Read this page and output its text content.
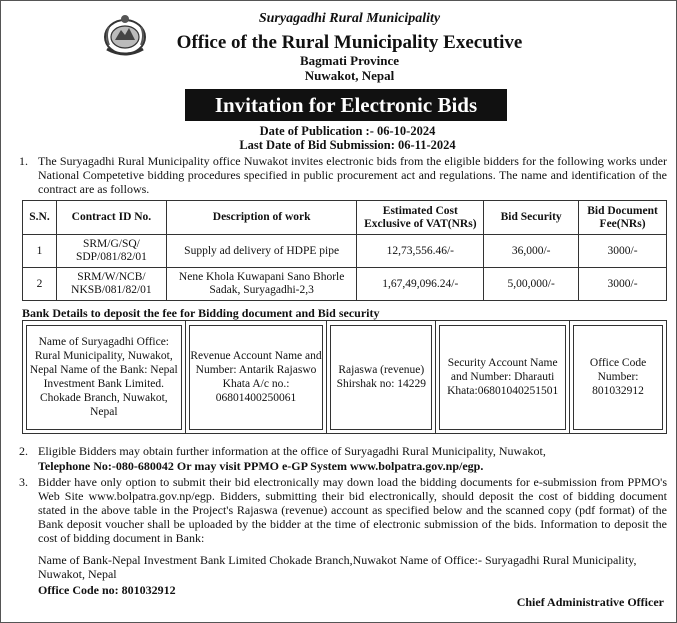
Suryagadhi Rural Municipality
Office of the Rural Municipality Executive
Bagmati Province
Nuwakot, Nepal
Invitation for Electronic Bids
Date of Publication :- 06-10-2024
Last Date of Bid Submission: 06-11-2024
1. The Suryagadhi Rural Municipality office Nuwakot invites electronic bids from the eligible bidders for the following works under National Competetive bidding procedures specified in public procurement act and regulations. The name and identification of the contract are as follows.
S.N.	Contract ID No.	Description of work	Estimated Cost Exclusive of VAT(NRs)	Bid Security	Bid Document Fee(NRs)
1	SRM/G/SQ/ SDP/081/82/01	Supply ad delivery of HDPE pipe	12,73,556.46/-	36,000/-	3000/-
2	SRM/W/NCB/ NKSB/081/82/01	Nene Khola Kuwapani Sano Bhorle Sadak, Suryagadhi-2,3	1,67,49,096.24/-	5,00,000/-	3000/-
Bank Details to deposit the fee for Bidding document and Bid security
Name of Suryagadhi Office: Rural Municipality, Nuwakot, Nepal Name of the Bank: Nepal Investment Bank Limited. Chokade Branch, Nuwakot, Nepal

Revenue Account Name and Number: Antarik Rajaswo Khata A/c no.: 06801400250061

Rajaswa (revenue) Shirshak no: 14229

Security Account Name and Number: Dharauti Khata:06801040251501

Office Code Number: 801032912
2. Eligible Bidders may obtain further information at the office of Suryagadhi Rural Municipality, Nuwakot,
Telephone No:-080-680042 Or may visit PPMO e-GP System www.bolpatra.gov.np/egp.
3. Bidder have only option to submit their bid electronically may down load the bidding documents for e-submission from PPMO's Web Site www.bolpatra.gov.np/egp. Bidders, submitting their bid electronically, should deposit the cost of bidding document stated in the above table in the Project's Rajaswa (revenue) account as specified below and the scanned copy (pdf format) of the Bank deposit voucher shall be uploaded by the bidder at the time of electronic submission of the bids. Information to deposit the cost of bidding document in Bank:
Name of Bank-Nepal Investment Bank Limited Chokade Branch,Nuwakot Name of Office:- Suryagadhi Rural Municipality, Nuwakot, Nepal
Office Code no: 801032912
Chief Administrative Officer
